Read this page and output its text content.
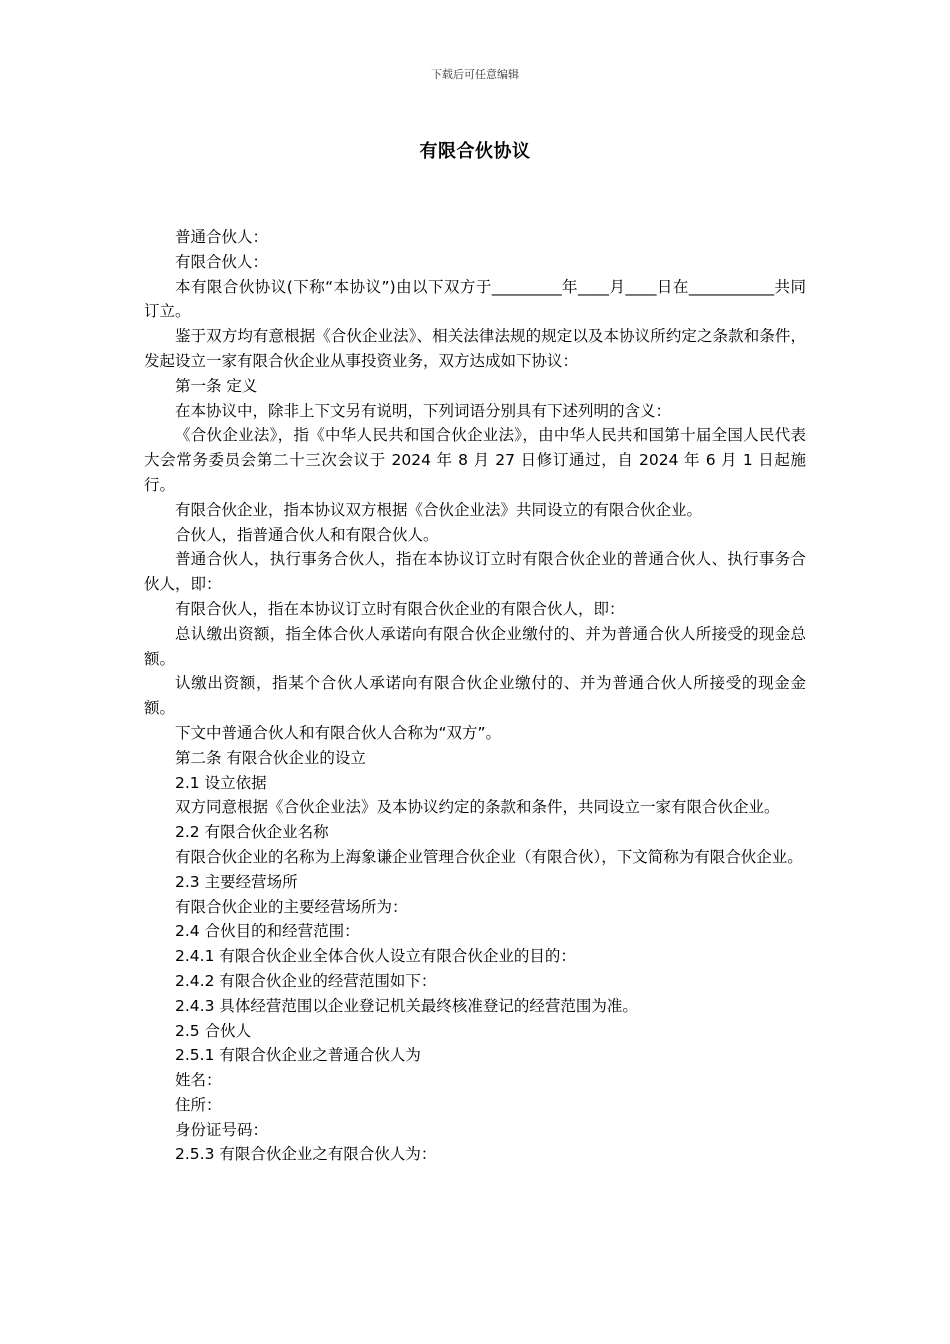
下载后可任意编辑
有限合伙协议

普通合伙人：

有限合伙人：

本有限合伙协议(下称“本协议”)由以下双方于_________年____月____日在___________共同订立。

鉴于双方均有意根据《合伙企业法》、相关法律法规的规定以及本协议所约定之条款和条件，发起设立一家有限合伙企业从事投资业务，双方达成如下协议：

第一条 定义

在本协议中，除非上下文另有说明，下列词语分别具有下述列明的含义：

《合伙企业法》，指《中华人民共和国合伙企业法》，由中华人民共和国第十届全国人民代表大会常务委员会第二十三次会议于 2024 年 8 月 27 日修订通过，自 2024 年 6 月 1 日起施行。

有限合伙企业，指本协议双方根据《合伙企业法》共同设立的有限合伙企业。

合伙人，指普通合伙人和有限合伙人。

普通合伙人，执行事务合伙人，指在本协议订立时有限合伙企业的普通合伙人、执行事务合伙人，即：

有限合伙人，指在本协议订立时有限合伙企业的有限合伙人，即：

总认缴出资额，指全体合伙人承诺向有限合伙企业缴付的、并为普通合伙人所接受的现金总额。

认缴出资额，指某个合伙人承诺向有限合伙企业缴付的、并为普通合伙人所接受的现金金额。

下文中普通合伙人和有限合伙人合称为“双方”。

第二条 有限合伙企业的设立

2.1 设立依据

双方同意根据《合伙企业法》及本协议约定的条款和条件，共同设立一家有限合伙企业。

2.2 有限合伙企业名称

有限合伙企业的名称为上海象谦企业管理合伙企业（有限合伙），下文简称为有限合伙企业。

2.3 主要经营场所

有限合伙企业的主要经营场所为：

2.4 合伙目的和经营范围：

2.4.1 有限合伙企业全体合伙人设立有限合伙企业的目的：

2.4.2 有限合伙企业的经营范围如下：

2.4.3 具体经营范围以企业登记机关最终核准登记的经营范围为准。

2.5 合伙人

2.5.1 有限合伙企业之普通合伙人为

姓名：

住所：

身份证号码：

2.5.3 有限合伙企业之有限合伙人为：
